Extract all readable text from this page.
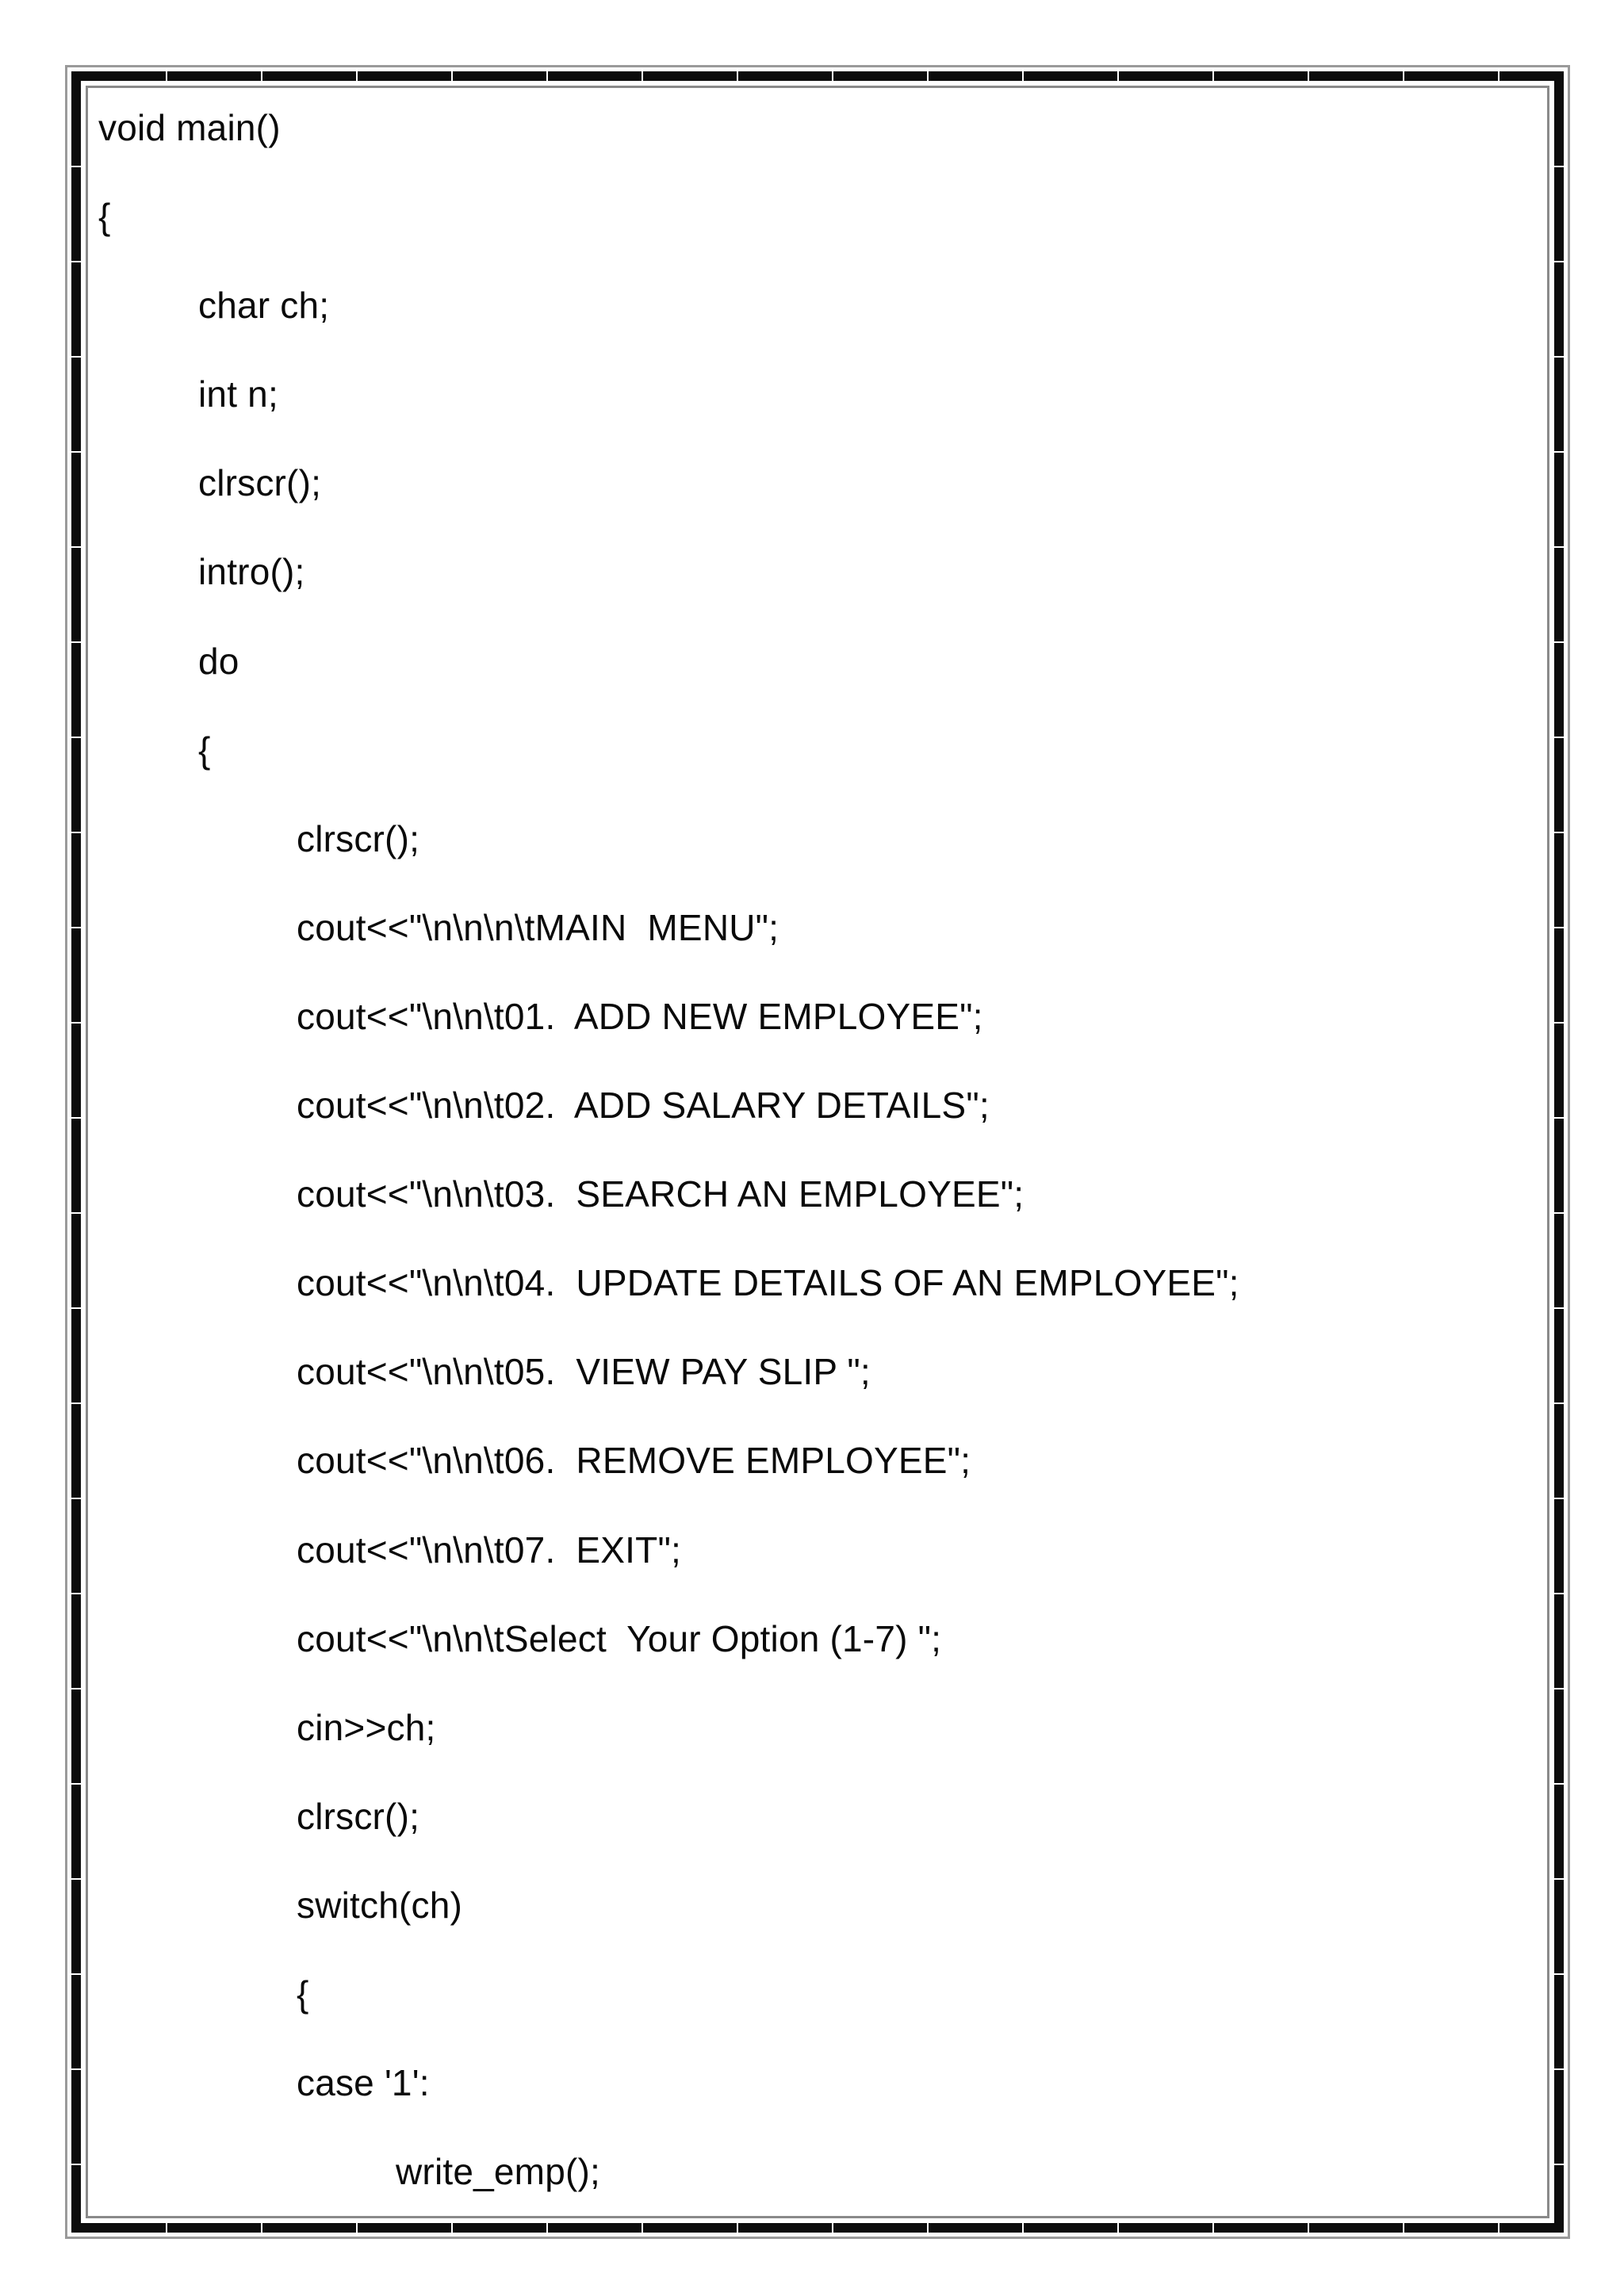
void main()
{
char ch;
int n;
clrscr();
intro();
do
{
clrscr();
cout<<"\n\n\n\tMAIN  MENU";
cout<<"\n\n\t01.  ADD NEW EMPLOYEE";
cout<<"\n\n\t02.  ADD SALARY DETAILS";
cout<<"\n\n\t03.  SEARCH AN EMPLOYEE";
cout<<"\n\n\t04.  UPDATE DETAILS OF AN EMPLOYEE";
cout<<"\n\n\t05.  VIEW PAY SLIP ";
cout<<"\n\n\t06.  REMOVE EMPLOYEE";
cout<<"\n\n\t07.  EXIT";
cout<<"\n\n\tSelect  Your Option (1-7) ";
cin>>ch;
clrscr();
switch(ch)
{
case '1':
write_emp();
